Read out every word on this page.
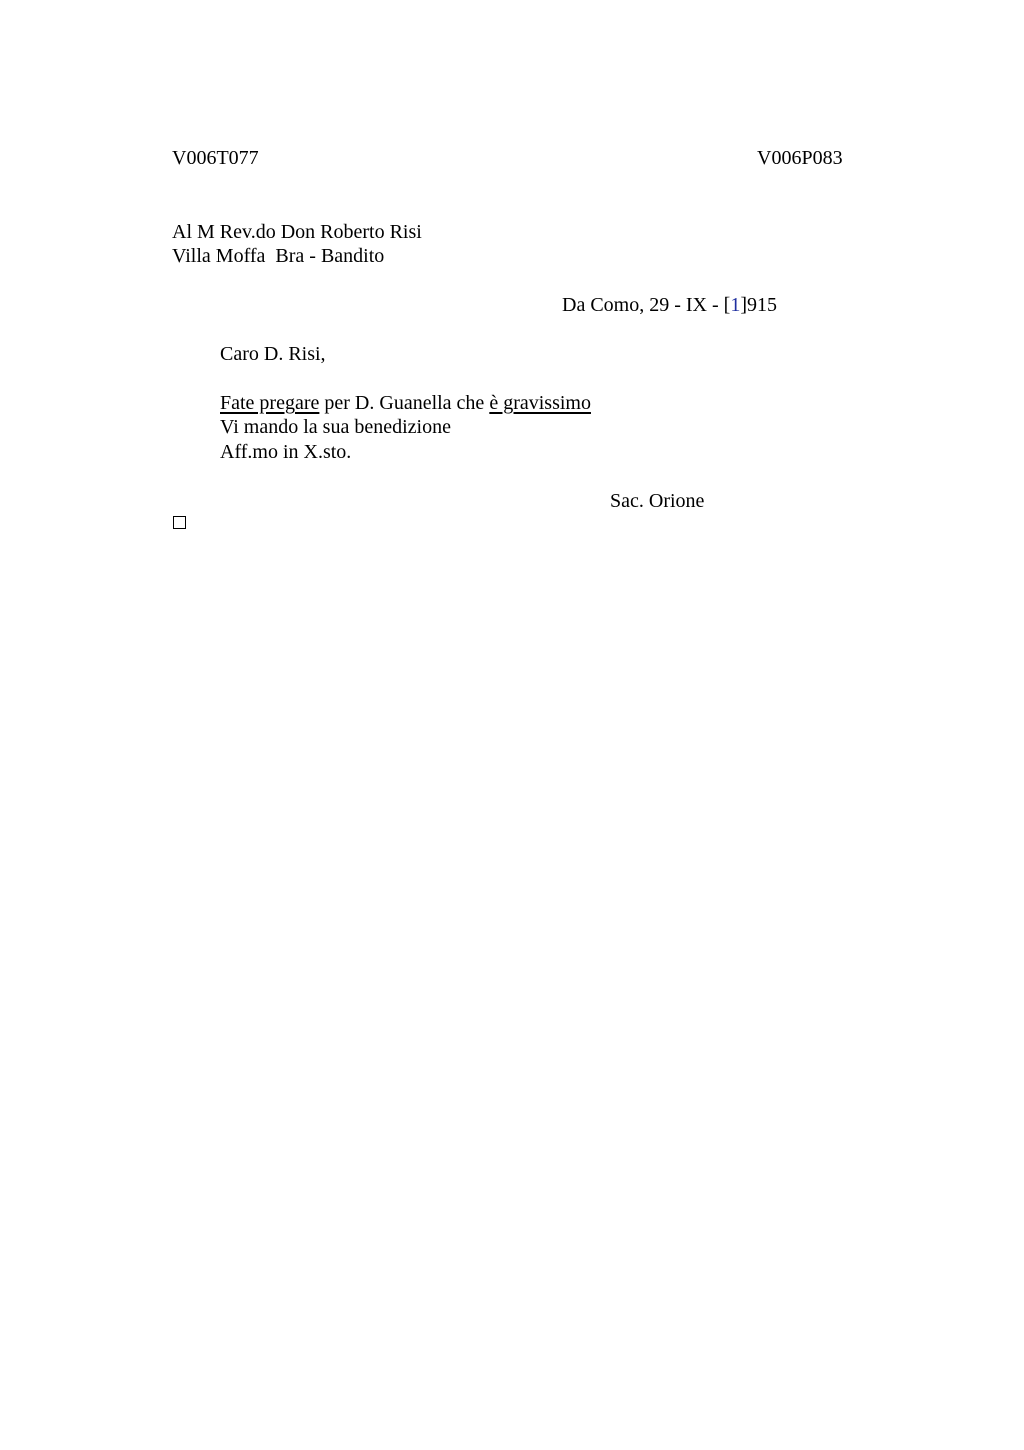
V006T077	V006P083
Al M Rev.do Don Roberto Risi
Villa Moffa  Bra - Bandito
Da Como, 29 - IX - [1]915
Caro D. Risi,
Fate pregare per D. Guanella che è gravissimo
Vi mando la sua benedizione
Aff.mo in X.sto.
Sac. Orione
